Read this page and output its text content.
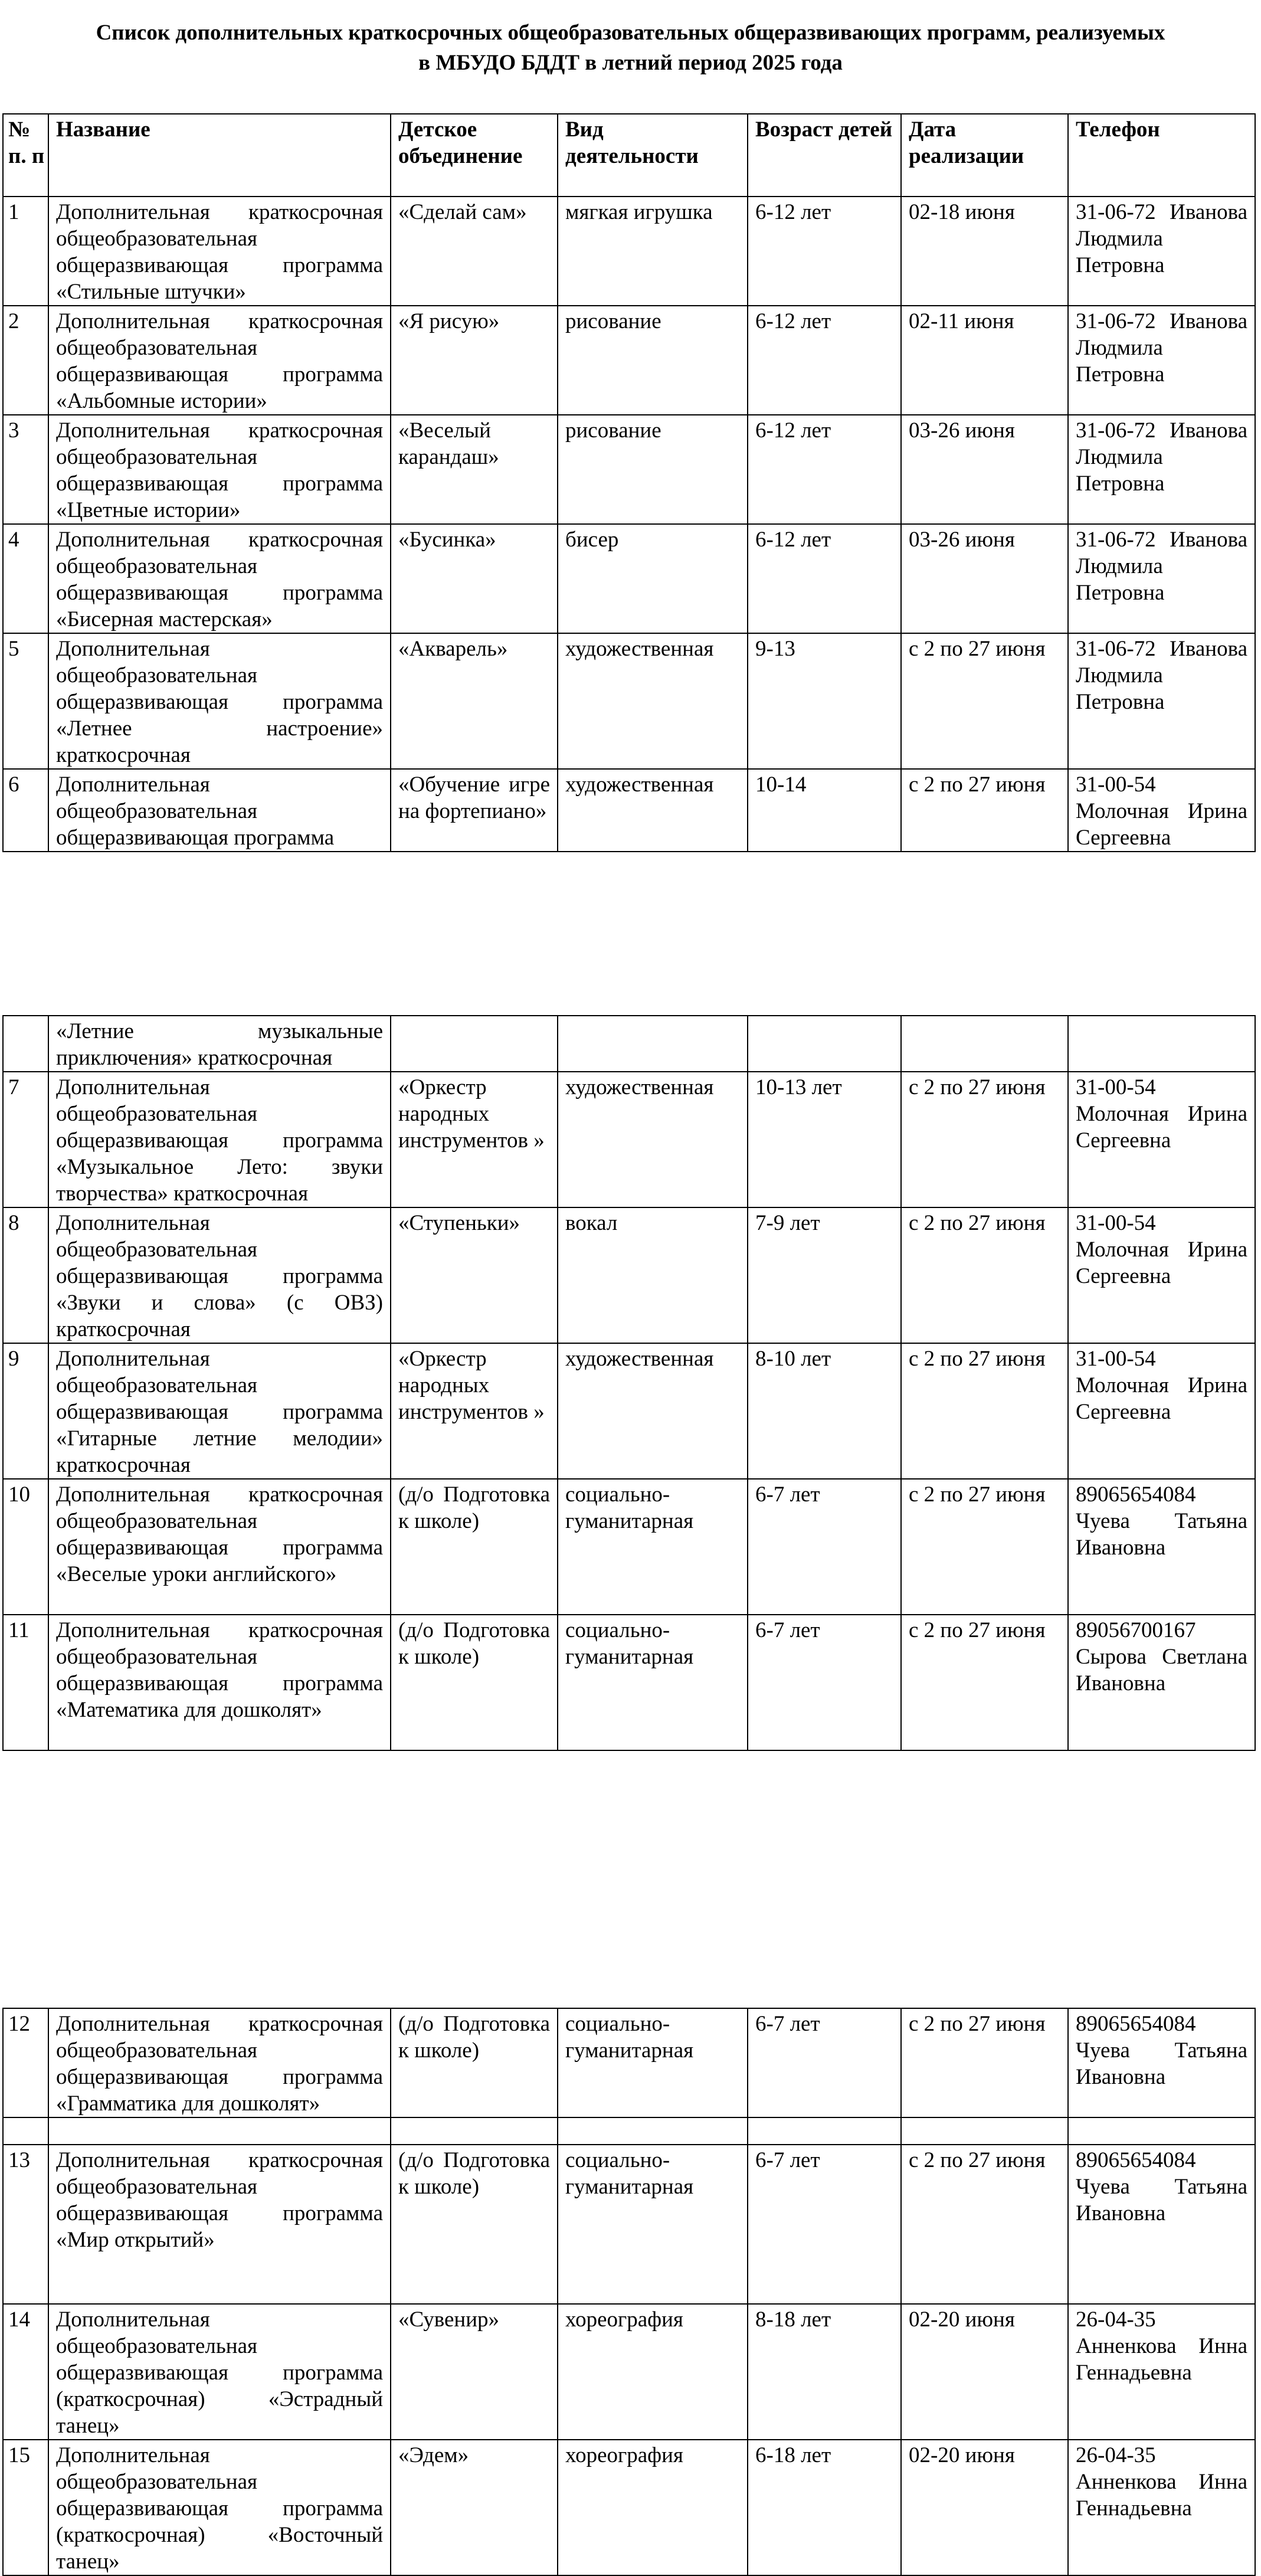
Список дополнительных краткосрочных общеобразовательных общеразвивающих программ, реализуемых
в МБУДО БДДТ в летний период 2025 года
№ п. п	Название	Детское объединение	Вид деятельности	Возраст детей	Дата реализации	Телефон
1	Дополнительная краткосрочная общеобразовательная общеразвивающая программа «Стильные штучки»	«Сделай сам»	мягкая игрушка	6-12 лет	02-18 июня	31-06-72 Иванова Людмила Петровна
2	Дополнительная краткосрочная общеобразовательная общеразвивающая программа «Альбомные истории»	«Я рисую»	рисование	6-12 лет	02-11 июня	31-06-72 Иванова Людмила Петровна
3	Дополнительная краткосрочная общеобразовательная общеразвивающая программа «Цветные истории»	«Веселый карандаш»	рисование	6-12 лет	03-26 июня	31-06-72 Иванова Людмила Петровна
4	Дополнительная краткосрочная общеобразовательная общеразвивающая программа «Бисерная мастерская»	«Бусинка»	бисер	6-12 лет	03-26 июня	31-06-72 Иванова Людмила Петровна
5	Дополнительная общеобразовательная общеразвивающая программа «Летнее настроение» краткосрочная	«Акварель»	художественная	9-13	с 2 по 27 июня	31-06-72 Иванова Людмила Петровна
6	Дополнительная общеобразовательная общеразвивающая программа	«Обучение игре на фортепиано»	художественная	10-14	с 2 по 27 июня	31-00-54 Молочная Ирина Сергеевна
	«Летние музыкальные приключения» краткосрочная					
7	Дополнительная общеобразовательная общеразвивающая программа «Музыкальное Лето: звуки творчества» краткосрочная	«Оркестр народных инструментов »	художественная	10-13 лет	с 2 по 27 июня	31-00-54 Молочная Ирина Сергеевна
8	Дополнительная общеобразовательная общеразвивающая программа «Звуки и слова» (с ОВЗ) краткосрочная	«Ступеньки»	вокал	7-9 лет	с 2 по 27 июня	31-00-54 Молочная Ирина Сергеевна
9	Дополнительная общеобразовательная общеразвивающая программа «Гитарные летние мелодии» краткосрочная	«Оркестр народных инструментов »	художественная	8-10 лет	с 2 по 27 июня	31-00-54 Молочная Ирина Сергеевна
10	Дополнительная краткосрочная общеобразовательная общеразвивающая программа «Веселые уроки английского»	(д/о Подготовка к школе)	социально-гуманитарная	6-7 лет	с 2 по 27 июня	89065654084 Чуева Татьяна Ивановна
11	Дополнительная краткосрочная общеобразовательная общеразвивающая программа «Математика для дошколят»	(д/о Подготовка к школе)	социально-гуманитарная	6-7 лет	с 2 по 27 июня	89056700167 Сырова Светлана Ивановна
12	Дополнительная краткосрочная общеобразовательная общеразвивающая программа «Грамматика для дошколят»	(д/о Подготовка к школе)	социально-гуманитарная	6-7 лет	с 2 по 27 июня	89065654084 Чуева Татьяна Ивановна

13	Дополнительная краткосрочная общеобразовательная общеразвивающая программа «Мир открытий»	(д/о Подготовка к школе)	социально-гуманитарная	6-7 лет	с 2 по 27 июня	89065654084 Чуева Татьяна Ивановна
14	Дополнительная общеобразовательная общеразвивающая программа (краткосрочная) «Эстрадный танец»	«Сувенир»	хореография	8-18 лет	02-20 июня	26-04-35 Анненкова Инна Геннадьевна
15	Дополнительная общеобразовательная общеразвивающая программа (краткосрочная) «Восточный танец»	«Эдем»	хореография	6-18 лет	02-20 июня	26-04-35 Анненкова Инна Геннадьевна
